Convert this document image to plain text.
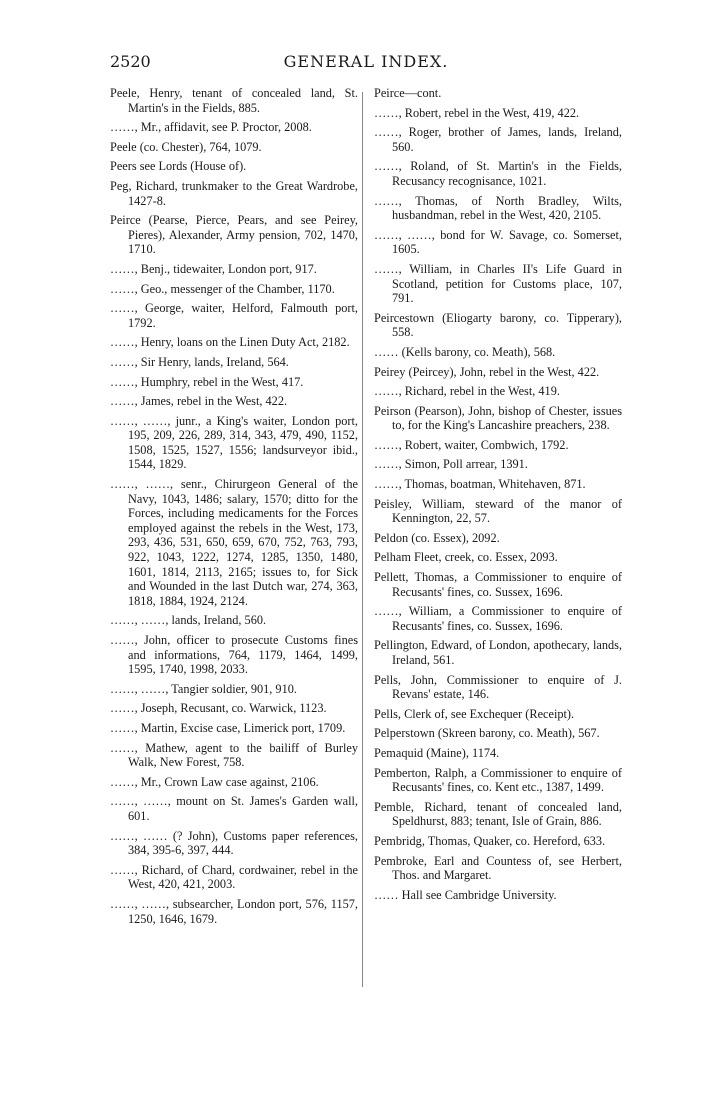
2520	GENERAL INDEX.

Peele, Henry, tenant of concealed land, St. Martin's in the Fields, 885.

……, Mr., affidavit, see P. Proctor, 2008.

Peele (co. Chester), 764, 1079.

Peers see Lords (House of).

Peg, Richard, trunkmaker to the Great Wardrobe, 1427-8.

Peirce (Pearse, Pierce, Pears, and see Peirey, Pieres), Alexander, Army pension, 702, 1470, 1710.

……, Benj., tidewaiter, London port, 917.

……, Geo., messenger of the Chamber, 1170.

……, George, waiter, Helford, Falmouth port, 1792.

……, Henry, loans on the Linen Duty Act, 2182.

……, Sir Henry, lands, Ireland, 564.

……, Humphry, rebel in the West, 417.

……, James, rebel in the West, 422.

……, ……, junr., a King's waiter, London port, 195, 209, 226, 289, 314, 343, 479, 490, 1152, 1508, 1525, 1527, 1556; landsurveyor ibid., 1544, 1829.

……, ……, senr., Chirurgeon General of the Navy, 1043, 1486; salary, 1570; ditto for the Forces, including medicaments for the Forces employed against the rebels in the West, 173, 293, 436, 531, 650, 659, 670, 752, 763, 793, 922, 1043, 1222, 1274, 1285, 1350, 1480, 1601, 1814, 2113, 2165; issues to, for Sick and Wounded in the last Dutch war, 274, 363, 1818, 1884, 1924, 2124.

……, ……, lands, Ireland, 560.

……, John, officer to prosecute Customs fines and informations, 764, 1179, 1464, 1499, 1595, 1740, 1998, 2033.

……, ……, Tangier soldier, 901, 910.

……, Joseph, Recusant, co. Warwick, 1123.

……, Martin, Excise case, Limerick port, 1709.

……, Mathew, agent to the bailiff of Burley Walk, New Forest, 758.

……, Mr., Crown Law case against, 2106.

……, ……, mount on St. James's Garden wall, 601.

……, …… (? John), Customs paper references, 384, 395-6, 397, 444.

……, Richard, of Chard, cordwainer, rebel in the West, 420, 421, 2003.

……, ……, subsearcher, London port, 576, 1157, 1250, 1646, 1679.

Peirce—cont.

……, Robert, rebel in the West, 419, 422.

……, Roger, brother of James, lands, Ireland, 560.

……, Roland, of St. Martin's in the Fields, Recusancy recognisance, 1021.

……, Thomas, of North Bradley, Wilts, husbandman, rebel in the West, 420, 2105.

……, ……, bond for W. Savage, co. Somerset, 1605.

……, William, in Charles II's Life Guard in Scotland, petition for Customs place, 107, 791.

Peircestown (Eliogarty barony, co. Tipperary), 558.

…… (Kells barony, co. Meath), 568.

Peirey (Peircey), John, rebel in the West, 422.

……, Richard, rebel in the West, 419.

Peirson (Pearson), John, bishop of Chester, issues to, for the King's Lancashire preachers, 238.

……, Robert, waiter, Combwich, 1792.

……, Simon, Poll arrear, 1391.

……, Thomas, boatman, Whitehaven, 871.

Peisley, William, steward of the manor of Kennington, 22, 57.

Peldon (co. Essex), 2092.

Pelham Fleet, creek, co. Essex, 2093.

Pellett, Thomas, a Commissioner to enquire of Recusants' fines, co. Sussex, 1696.

……, William, a Commissioner to enquire of Recusants' fines, co. Sussex, 1696.

Pellington, Edward, of London, apothecary, lands, Ireland, 561.

Pells, John, Commissioner to enquire of J. Revans' estate, 146.

Pells, Clerk of, see Exchequer (Receipt).

Pelperstown (Skreen barony, co. Meath), 567.

Pemaquid (Maine), 1174.

Pemberton, Ralph, a Commissioner to enquire of Recusants' fines, co. Kent etc., 1387, 1499.

Pemble, Richard, tenant of concealed land, Speldhurst, 883; tenant, Isle of Grain, 886.

Pembridg, Thomas, Quaker, co. Hereford, 633.

Pembroke, Earl and Countess of, see Herbert, Thos. and Margaret.

…… Hall see Cambridge University.
